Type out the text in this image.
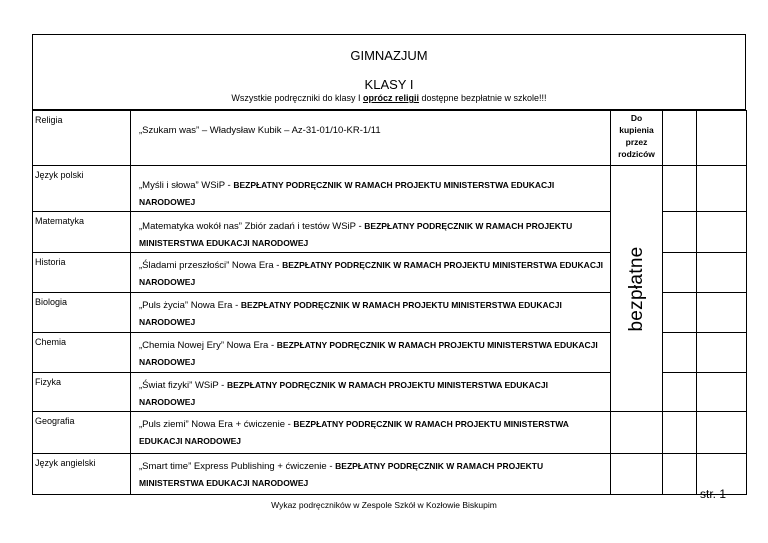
GIMNAZJUM
KLASY I
Wszystkie podręczniki do klasy I oprócz religii dostępne bezpłatnie w szkole!!!
Religia	„Szukam was” – Władysław Kubik – Az-31-01/10-KR-1/11	Do kupienia przez rodziców		

Język polski	„Myśli i słowa” WSiP - BEZPŁATNY PODRĘCZNIK W RAMACH PROJEKTU MINISTERSTWA EDUKACJI NARODOWEJ	bezpłatne		

Matematyka	„Matematyka wokół nas” Zbiór zadań i testów WSiP - BEZPŁATNY PODRĘCZNIK W RAMACH PROJEKTU MINISTERSTWA EDUKACJI NARODOWEJ			

Historia	„Śladami przeszłości” Nowa Era - BEZPŁATNY PODRĘCZNIK W RAMACH PROJEKTU MINISTERSTWA EDUKACJI NARODOWEJ			

Biologia	„Puls życia” Nowa Era - BEZPŁATNY PODRĘCZNIK W RAMACH PROJEKTU MINISTERSTWA EDUKACJI NARODOWEJ			

Chemia	„Chemia Nowej Ery” Nowa Era - BEZPŁATNY PODRĘCZNIK W RAMACH PROJEKTU MINISTERSTWA EDUKACJI NARODOWEJ			

Fizyka	„Świat fizyki” WSiP - BEZPŁATNY PODRĘCZNIK W RAMACH PROJEKTU MINISTERSTWA EDUKACJI NARODOWEJ			

Geografia	„Puls ziemi” Nowa Era + ćwiczenie - BEZPŁATNY PODRĘCZNIK W RAMACH PROJEKTU MINISTERSTWA EDUKACJI NARODOWEJ			

Język angielski	„Smart time” Express Publishing + ćwiczenie - BEZPŁATNY PODRĘCZNIK W RAMACH PROJEKTU MINISTERSTWA EDUKACJI NARODOWEJ			

str. 1
Wykaz podręczników w Zespole Szkół w Kozłowie Biskupim
